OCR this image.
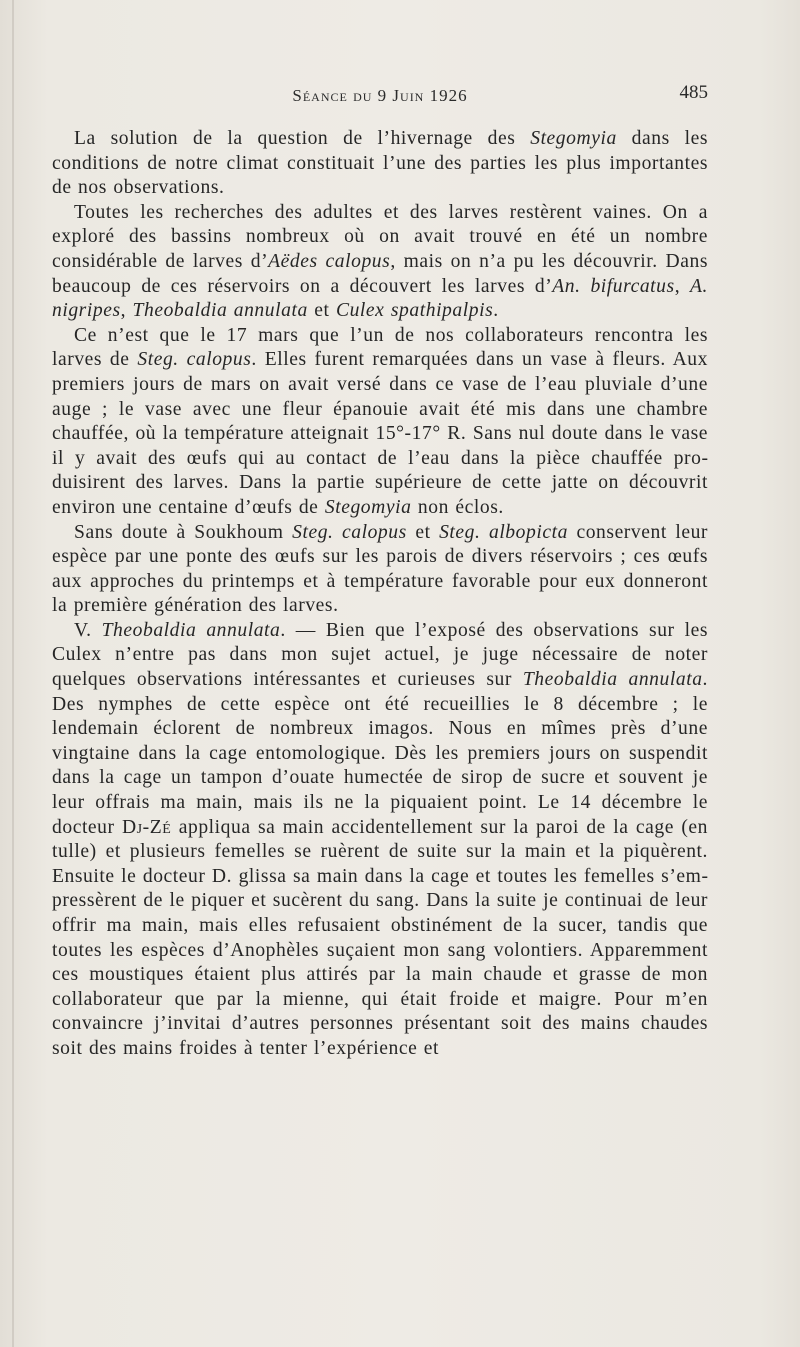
Séance du 9 Juin 1926	485

La solution de la question de l’hivernage des Stegomyia dans les conditions de notre climat constituait l’une des parties les plus importantes de nos observations.

Toutes les recherches des adultes et des larves restèrent vaines. On a exploré des bassins nombreux où on avait trouvé en été un nombre considérable de larves d’Aëdes calopus, mais on n’a pu les découvrir. Dans beaucoup de ces réservoirs on a découvert les larves d’An. bifurcatus, A. nigripes, Theobaldia annulata et Culex spathipalpis.

Ce n’est que le 17 mars que l’un de nos collaborateurs rencontra les larves de Steg. calopus. Elles furent remarquées dans un vase à fleurs. Aux premiers jours de mars on avait versé dans ce vase de l’eau pluviale d’une auge ; le vase avec une fleur épanouie avait été mis dans une chambre chauffée, où la température atteignait 15°-17° R. Sans nul doute dans le vase il y avait des œufs qui au contact de l’eau dans la pièce chauffée produisirent des larves. Dans la partie supérieure de cette jatte on découvrit environ une centaine d’œufs de Stegomyia non éclos.

Sans doute à Soukhoum Steg. calopus et Steg. albopicta conservent leur espèce par une ponte des œufs sur les parois de divers réservoirs ; ces œufs aux approches du printemps et à température favorable pour eux donneront la première génération des larves.

V. Theobaldia annulata. — Bien que l’exposé des observations sur les Culex n’entre pas dans mon sujet actuel, je juge nécessaire de noter quelques observations intéressantes et curieuses sur Theobaldia annulata. Des nymphes de cette espèce ont été recueillies le 8 décembre ; le lendemain éclorent de nombreux imagos. Nous en mîmes près d’une vingtaine dans la cage entomologique. Dès les premiers jours on suspendit dans la cage un tampon d’ouate humectée de sirop de sucre et souvent je leur offrais ma main, mais ils ne la piquaient point. Le 14 décembre le docteur Dj-Zé appliqua sa main accidentellement sur la paroi de la cage (en tulle) et plusieurs femelles se ruèrent de suite sur la main et la piquèrent. Ensuite le docteur D. glissa sa main dans la cage et toutes les femelles s’empressèrent de le piquer et sucèrent du sang. Dans la suite je continuai de leur offrir ma main, mais elles refusaient obstinément de la sucer, tandis que toutes les espèces d’Anophèles suçaient mon sang volontiers. Apparemment ces moustiques étaient plus attirés par la main chaude et grasse de mon collaborateur que par la mienne, qui était froide et maigre. Pour m’en convaincre j’invitai d’autres personnes présentant soit des mains chaudes soit des mains froides à tenter l’expérience et
